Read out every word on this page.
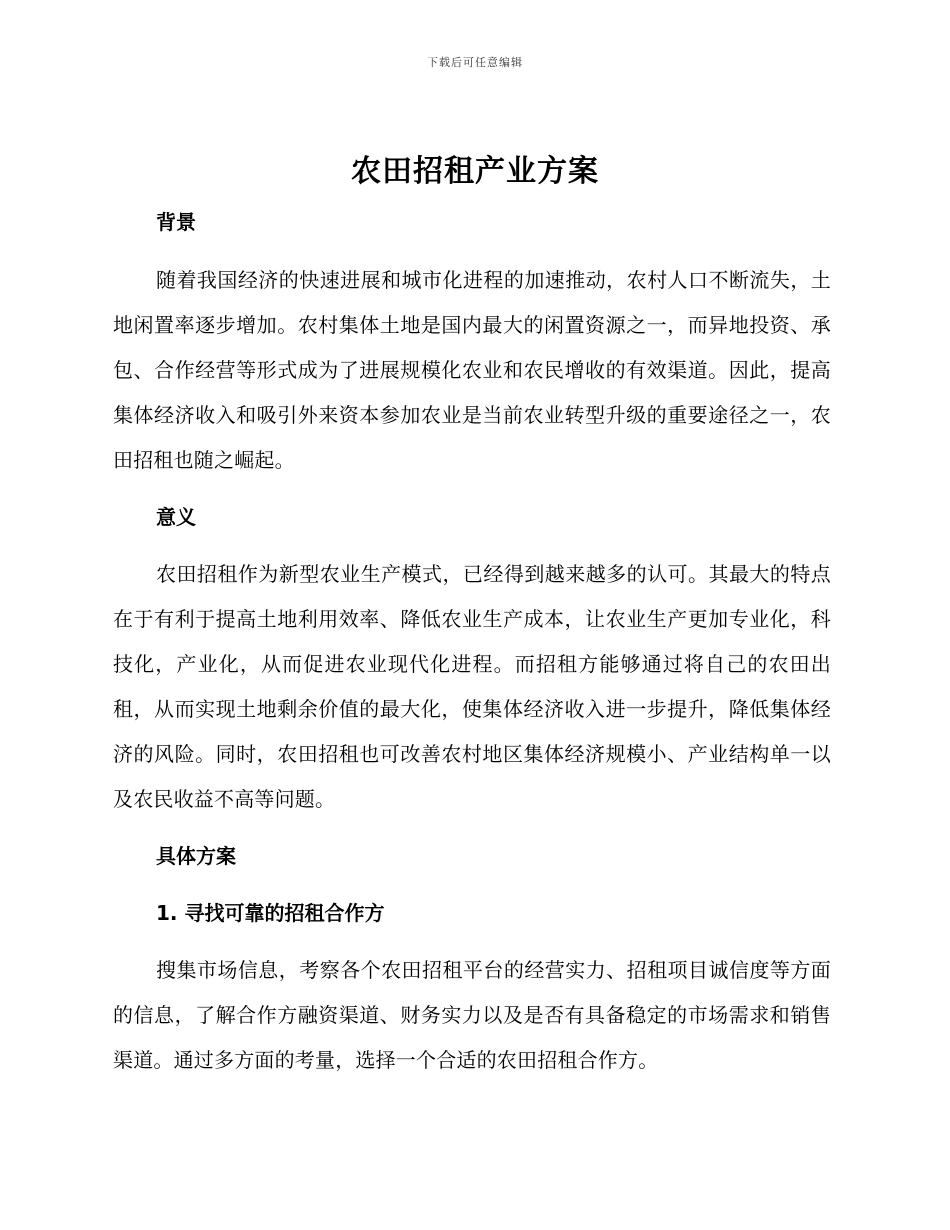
下载后可任意编辑
农田招租产业方案
背景
随着我国经济的快速进展和城市化进程的加速推动，农村人口不断流失，土地闲置率逐步增加。农村集体土地是国内最大的闲置资源之一，而异地投资、承包、合作经营等形式成为了进展规模化农业和农民增收的有效渠道。因此，提高集体经济收入和吸引外来资本参加农业是当前农业转型升级的重要途径之一，农田招租也随之崛起。
意义
农田招租作为新型农业生产模式，已经得到越来越多的认可。其最大的特点在于有利于提高土地利用效率、降低农业生产成本，让农业生产更加专业化，科技化，产业化，从而促进农业现代化进程。而招租方能够通过将自己的农田出租，从而实现土地剩余价值的最大化，使集体经济收入进一步提升，降低集体经济的风险。同时，农田招租也可改善农村地区集体经济规模小、产业结构单一以及农民收益不高等问题。
具体方案
1. 寻找可靠的招租合作方
搜集市场信息，考察各个农田招租平台的经营实力、招租项目诚信度等方面的信息，了解合作方融资渠道、财务实力以及是否有具备稳定的市场需求和销售渠道。通过多方面的考量，选择一个合适的农田招租合作方。
